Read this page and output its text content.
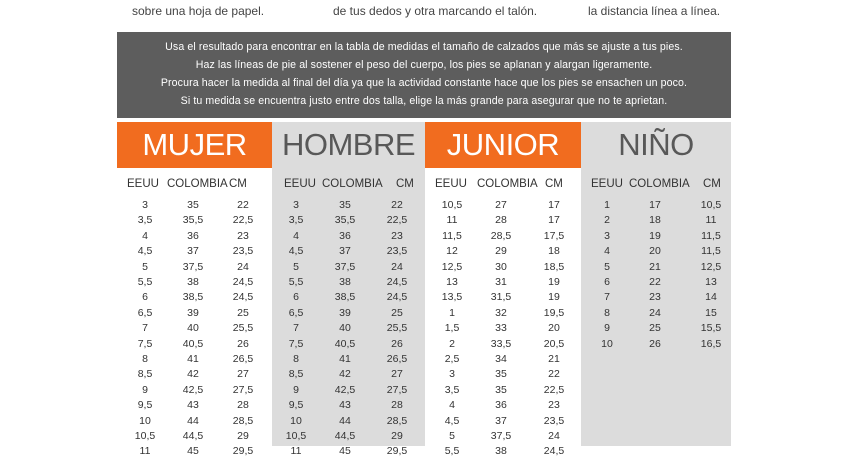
sobre una hoja de papel.	de tus dedos y otra marcando el talón.	la distancia línea a línea.
Usa el resultado para encontrar en la tabla de medidas el tamaño de calzados que más se ajuste a tus pies.
Haz las líneas de pie al sostener el peso del cuerpo, los pies se aplanan y alargan ligeramente.
Procura hacer la medida al final del día ya que la actividad constante hace que los pies se ensachen un poco.
Si tu medida se encuentra justo entre dos talla, elige la más grande para asegurar que no te aprietan.
MUJER
EEUU COLOMBIA CM
3	35	22
3,5	35,5	22,5
4	36	23
4,5	37	23,5
5	37,5	24
5,5	38	24,5
6	38,5	24,5
6,5	39	25
7	40	25,5
7,5	40,5	26
8	41	26,5
8,5	42	27
9	42,5	27,5
9,5	43	28
10	44	28,5
10,5	44,5	29
11	45	29,5
HOMBRE
EEUU COLOMBIA CM
3	35	22
3,5	35,5	22,5
4	36	23
4,5	37	23,5
5	37,5	24
5,5	38	24,5
6	38,5	24,5
6,5	39	25
7	40	25,5
7,5	40,5	26
8	41	26,5
8,5	42	27
9	42,5	27,5
9,5	43	28
10	44	28,5
10,5	44,5	29
11	45	29,5
JUNIOR
EEUU COLOMBIA CM
10,5	27	17
11	28	17
11,5	28,5	17,5
12	29	18
12,5	30	18,5
13	31	19
13,5	31,5	19
1	32	19,5
1,5	33	20
2	33,5	20,5
2,5	34	21
3	35	22
3,5	35	22,5
4	36	23
4,5	37	23,5
5	37,5	24
5,5	38	24,5
NIÑO
EEUU COLOMBIA CM
1	17	10,5
2	18	11
3	19	11,5
4	20	11,5
5	21	12,5
6	22	13
7	23	14
8	24	15
9	25	15,5
10	26	16,5
